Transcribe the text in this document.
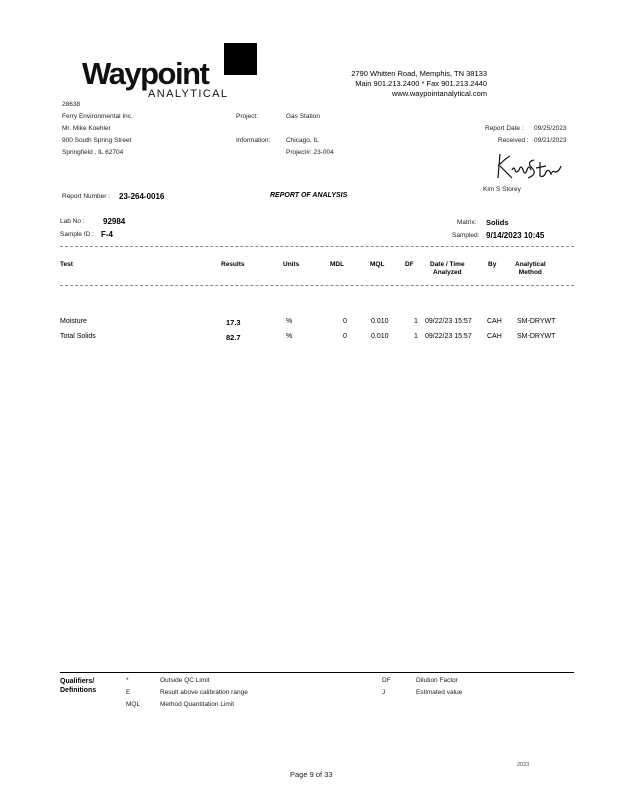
Waypoint
ANALYTICAL
2790 Whitten Road, Memphis, TN 38133
Main 901.213.2400 * Fax 901.213.2440
www.waypointanalytical.com
28638
Ferry Environmental Inc.
Mr. Mike Koehler
900 South Spring Street
Springfield , IL 62704
Project:	Gas Station
Information: Chicago, IL
Project#: 23-004
Report Date : 09/25/2023
Received : 09/21/2023
Kim S Storey
Report Number : 23-264-0016	REPORT OF ANALYSIS
Lab No : 92984
Sample ID : F-4
Matrix: Solids
Sampled: 9/14/2023 10:45
Test	Results	Units	MDL	MQL	DF	Date / Time
Analyzed
By	Analytical
Method
Moisture	17.3	%	0	0.010	1 09/22/23 15:57 CAH SM-DRYWT
Total Solids	82.7	%	0	0.010	1 09/22/23 15:57 CAH SM-DRYWT
Qualifiers/
Definitions
*	Outside QC Limit
E	Result above calibration range
MQL	Method Quantitation Limit
DF	Dilution Factor
J	Estimated value
2023
Page 9 of 33
